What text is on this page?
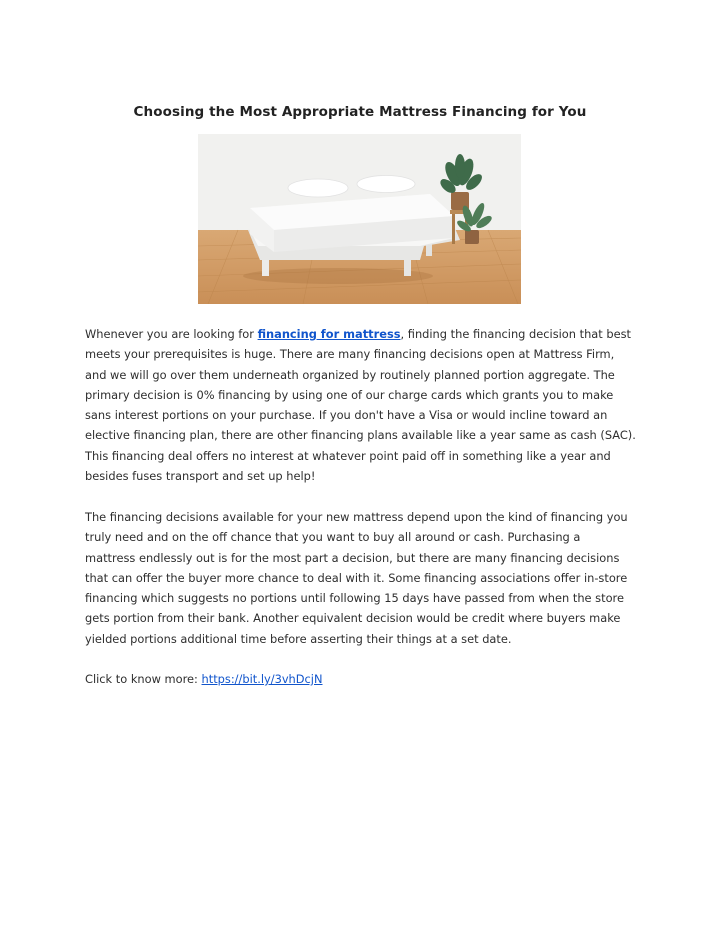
Choosing the Most Appropriate Mattress Financing for You
Whenever you are looking for financing for mattress, finding the financing decision that best
meets your prerequisites is huge. There are many financing decisions open at Mattress Firm,
and we will go over them underneath organized by routinely planned portion aggregate. The
primary decision is 0% financing by using one of our charge cards which grants you to make
sans interest portions on your purchase. If you don't have a Visa or would incline toward an
elective financing plan, there are other financing plans available like a year same as cash (SAC).
This financing deal offers no interest at whatever point paid off in something like a year and
besides fuses transport and set up help!
The financing decisions available for your new mattress depend upon the kind of financing you
truly need and on the off chance that you want to buy all around or cash. Purchasing a
mattress endlessly out is for the most part a decision, but there are many financing decisions
that can offer the buyer more chance to deal with it. Some financing associations offer in-store
financing which suggests no portions until following 15 days have passed from when the store
gets portion from their bank. Another equivalent decision would be credit where buyers make
yielded portions additional time before asserting their things at a set date.
Click to know more: https://bit.ly/3vhDcjN
